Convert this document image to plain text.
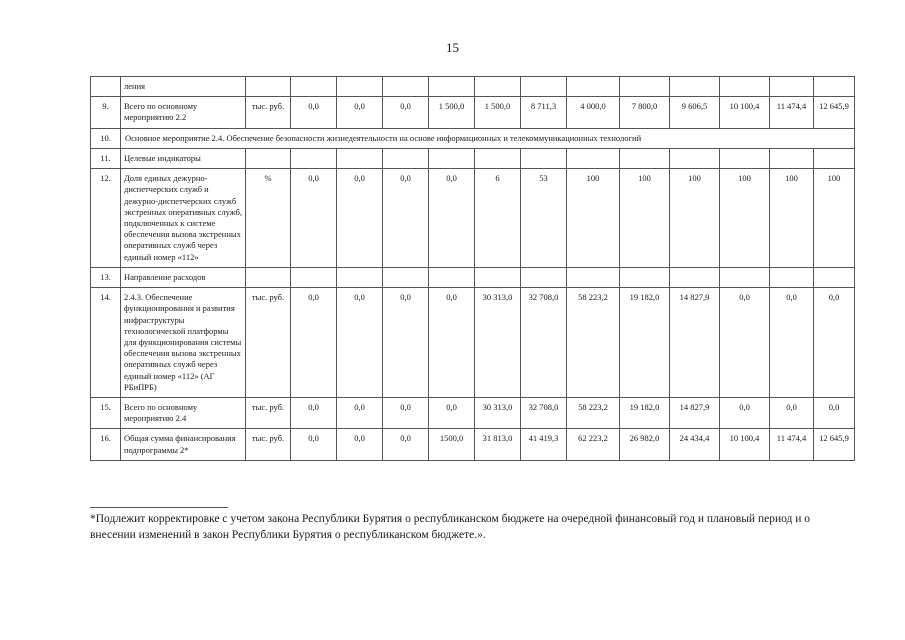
15
	ления													
9.	Всего по основному мероприятию 2.2	тыс. руб.	0,0	0,0	0,0	1 500,0	1 500,0	8 711,3	4 000,0	7 800,0	9 606,5	10 100,4	11 474,4	12 645,9
10.	Основное мероприятие 2.4. Обеспечение безопасности жизнедеятельности на основе информационных и телекоммуникационных технологий													
11.	Целевые индикаторы													
12.	Доля единых дежурно-диспетчерских служб и дежурно-диспетчерских служб экстренных оперативных служб, подключенных к системе обеспечения вызова экстренных оперативных служб через единый номер «112»	%	0,0	0,0	0,0	0,0	6	53	100	100	100	100	100	100
13.	Направление расходов													
14.	2.4.3. Обеспечение функционирования и развития инфраструктуры технологической платформы для функционирования системы обеспечения вызова экстренных оперативных служб через единый номер «112» (АГ РБиПРБ)	тыс. руб.	0,0	0,0	0,0	0,0	30 313,0	32 708,0	58 223,2	19 182,0	14 827,9	0,0	0,0	0,0
15.	Всего по основному мероприятию 2.4	тыс. руб.	0,0	0,0	0,0	0,0	30 313,0	32 708,0	58 223,2	19 182,0	14 827,9	0,0	0,0	0,0
16.	Общая сумма финансирования подпрограммы 2*	тыс. руб.	0,0	0,0	0,0	1500,0	31 813,0	41 419,3	62 223,2	26 982,0	24 434,4	10 100,4	11 474,4	12 645,9
*Подлежит корректировке с учетом закона Республики Бурятия о республиканском бюджете на очередной финансовый год и плановый период и о внесении изменений в закон Республики Бурятия о республиканском бюджете.».
